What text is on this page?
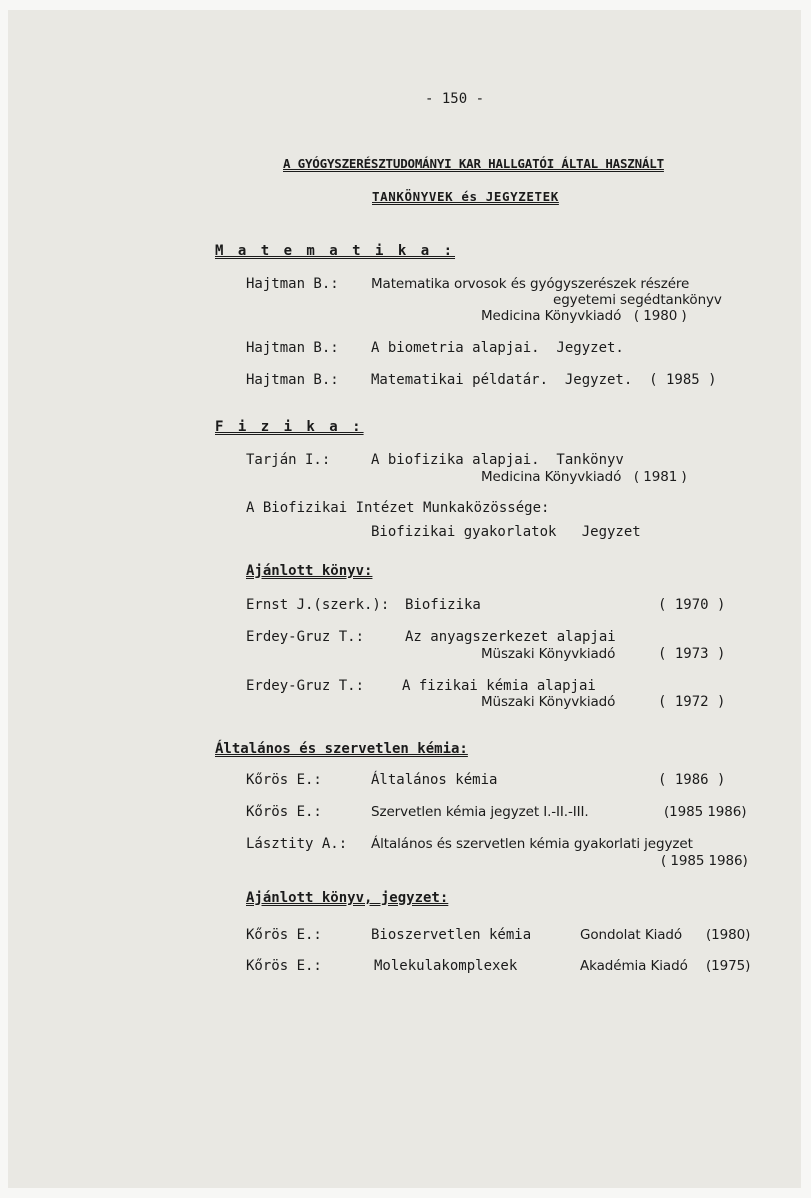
- 150 -
A GYÓGYSZERÉSZTUDOMÁNYI KAR HALLGATÓI ÁLTAL HASZNÁLT
TANKÖNYVEK és JEGYZETEK
M a t e m a t i k a :
Hajtman B.: Matematika orvosok és gyógyszerészek részére
egyetemi segédtankönyv
Medicina Könyvkiadó   ( 1980 )
Hajtman B.: A biometria alapjai.  Jegyzet.
Hajtman B.: Matematikai példatár.  Jegyzet.  ( 1985 )
F i z i k a :
Tarján I.:	A biofizika alapjai.  Tankönyv
Medicina Könyvkiadó   ( 1981 )
A Biofizikai Intézet Munkaközössége:
Biofizikai gyakorlatok   Jegyzet
Ajánlott könyv:
Ernst J.(szerk.): Biofizika	( 1970 )
Erdey-Gruz T.:	Az anyagszerkezet alapjai
Müszaki Könyvkiadó	( 1973 )
Erdey-Gruz T.:	A fizikai kémia alapjai
Müszaki Könyvkiadó	( 1972 )
Általános és szervetlen kémia:
Kőrös E.:	Általános kémia	( 1986 )
Kőrös E.:	Szervetlen kémia jegyzet I.-II.-III.	(1985 1986)
Lásztity A.: Általános és szervetlen kémia gyakorlati jegyzet
( 1985 1986)
Ajánlott könyv, jegyzet:
Kőrös E.:	Bioszervetlen kémia	Gondolat Kiadó (1980)
Kőrös E.:	Molekulakomplexek	Akadémia Kiadó (1975)
